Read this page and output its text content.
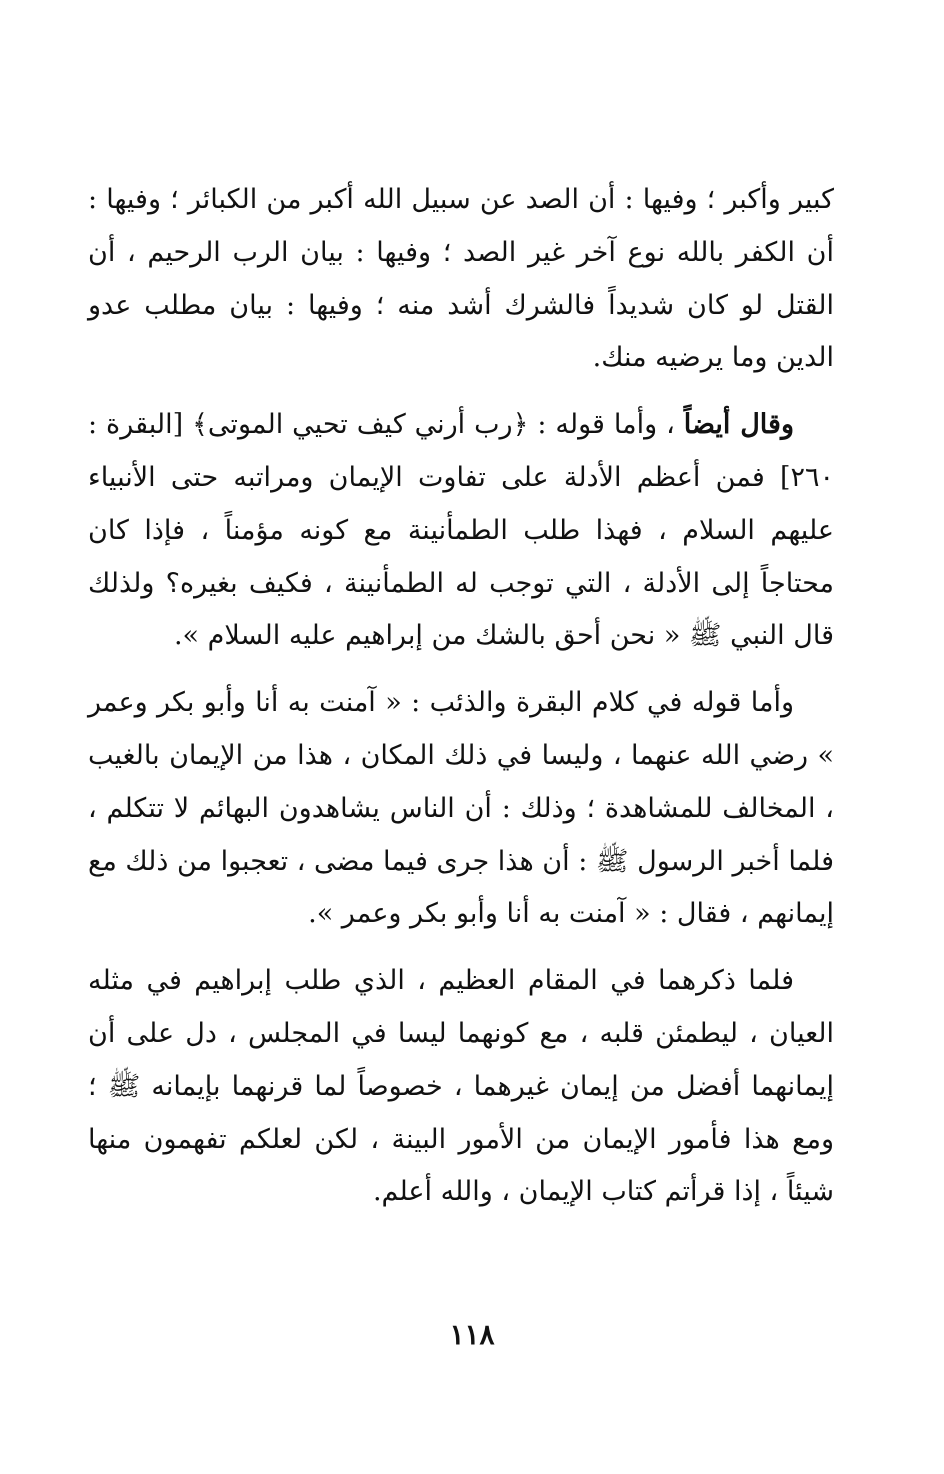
كبير وأكبر ؛ وفيها : أن الصد عن سبيل الله أكبر من الكبائر ؛ وفيها : أن الكفر بالله نوع آخر غير الصد ؛ وفيها : بيان الرب الرحيم ، أن القتل لو كان شديداً فالشرك أشد منه ؛ وفيها : بيان مطلب عدو الدين وما يرضيه منك.

وقال أيضاً ، وأما قوله : ﴿رب أرني كيف تحيي الموتى﴾ [البقرة : ٢٦٠] فمن أعظم الأدلة على تفاوت الإيمان ومراتبه حتى الأنبياء عليهم السلام ، فهذا طلب الطمأنينة مع كونه مؤمناً ، فإذا كان محتاجاً إلى الأدلة ، التي توجب له الطمأنينة ، فكيف بغيره؟ ولذلك قال النبي ﷺ « نحن أحق بالشك من إبراهيم عليه السلام ».

وأما قوله في كلام البقرة والذئب : « آمنت به أنا وأبو بكر وعمر » رضي الله عنهما ، وليسا في ذلك المكان ، هذا من الإيمان بالغيب ، المخالف للمشاهدة ؛ وذلك : أن الناس يشاهدون البهائم لا تتكلم ، فلما أخبر الرسول ﷺ : أن هذا جرى فيما مضى ، تعجبوا من ذلك مع إيمانهم ، فقال : « آمنت به أنا وأبو بكر وعمر ».

فلما ذكرهما في المقام العظيم ، الذي طلب إبراهيم في مثله العيان ، ليطمئن قلبه ، مع كونهما ليسا في المجلس ، دل على أن إيمانهما أفضل من إيمان غيرهما ، خصوصاً لما قرنهما بإيمانه ﷺ ؛ ومع هذا فأمور الإيمان من الأمور البينة ، لكن لعلكم تفهمون منها شيئاً ، إذا قرأتم كتاب الإيمان ، والله أعلم.

١١٨
